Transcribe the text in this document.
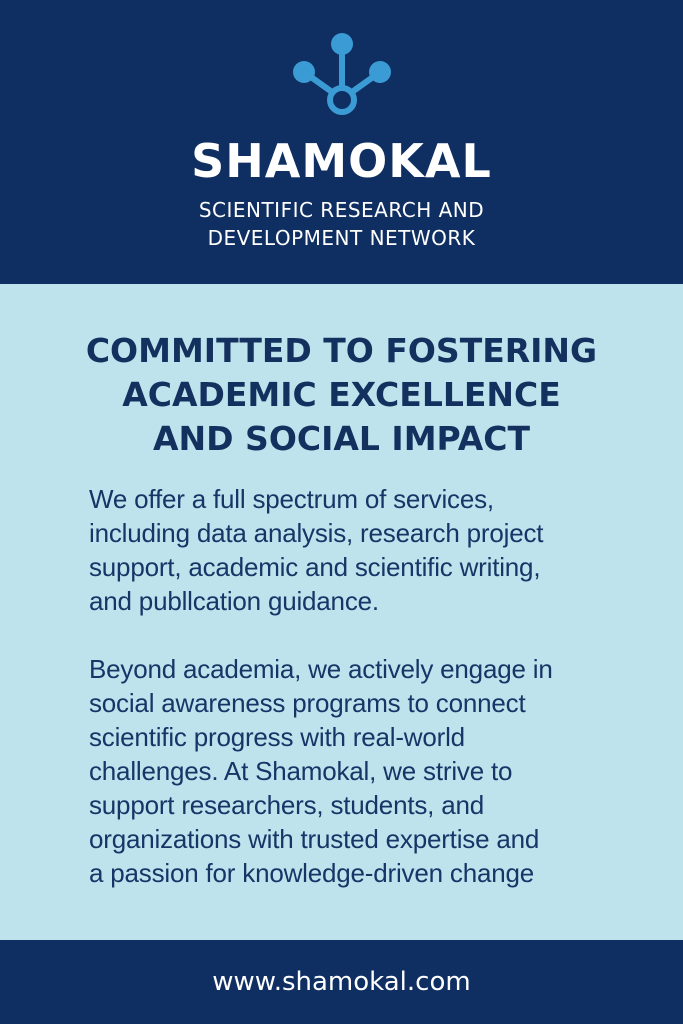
SHAMOKAL
SCIENTIFIC RESEARCH AND
DEVELOPMENT NETWORK
COMMITTED TO FOSTERING
ACADEMIC EXCELLENCE
AND SOCIAL IMPACT
We offer a full spectrum of services,
including data analysis, research project
support, academic and scientific writing,
and publlcation guidance.
Beyond academia, we actively engage in
social awareness programs to connect
scientific progress with real-world
challenges. At Shamokal, we strive to
support researchers, students, and
organizations with trusted expertise and
a passion for knowledge-driven change
www.shamokal.com
